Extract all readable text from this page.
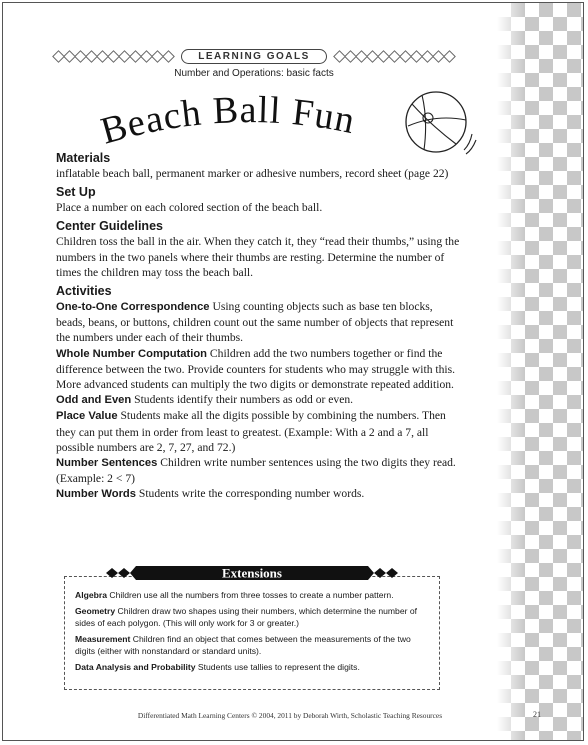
LEARNING GOALS
Number and Operations: basic facts
each Ball Fun
Materials

inflatable beach ball, permanent marker or adhesive numbers, record sheet (page 22)

Set Up

Place a number on each colored section of the beach ball.

Center Guidelines

Children toss the ball in the air. When they catch it, they “read their thumbs,” using the numbers in the two panels where their thumbs are resting. Determine the number of times the children may toss the beach ball.

Activities

One-to-One Correspondence Using counting objects such as base ten blocks, beads, beans, or buttons, children count out the same number of objects that represent the numbers under each of their thumbs.

Whole Number Computation Children add the two numbers together or find the difference between the two. Provide counters for students who may struggle with this. More advanced students can multiply the two digits or demonstrate repeated addition.

Odd and Even Students identify their numbers as odd or even.

Place Value Students make all the digits possible by combining the numbers. Then they can put them in order from least to greatest. (Example: With a 2 and a 7, all possible numbers are 2, 7, 27, and 72.)

Number Sentences Children write number sentences using the two digits they read. (Example: 2 < 7)

Number Words Students write the corresponding number words.

Algebra Children use all the numbers from three tosses to create a number pattern.
Geometry Children draw two shapes using their numbers, which determine the number of sides of each polygon. (This will only work for 3 or greater.)
Measurement Children find an object that comes between the measurements of the two digits (either with nonstandard or standard units).
Data Analysis and Probability Students use tallies to represent the digits.
Extensions
Differentiated Math Learning Centers © 2004, 2011 by Deborah Wirth, Scholastic Teaching Resources	21
